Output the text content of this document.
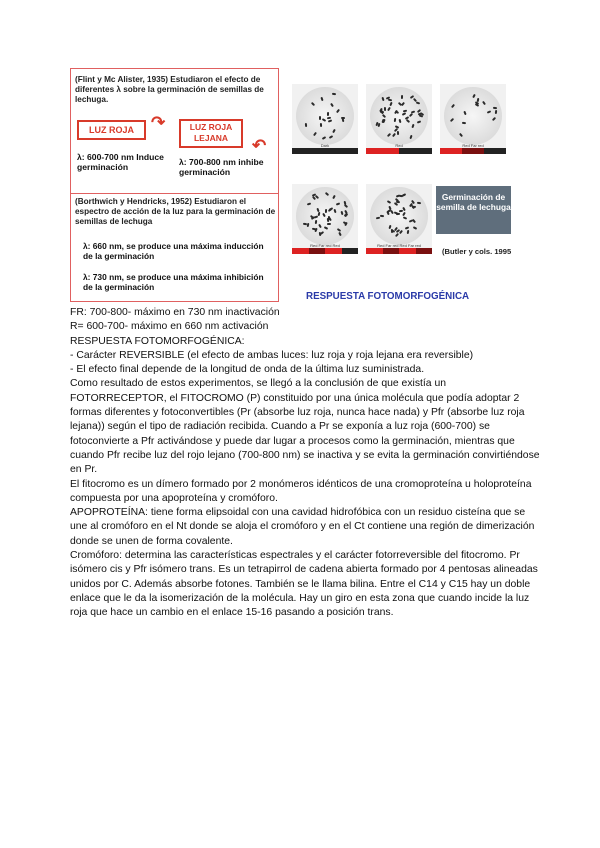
(Flint y Mc Alister, 1935) Estudiaron el efecto de diferentes λ sobre la germinación de semillas de lechuga.
LUZ ROJA	↷	LUZ ROJA LEJANA	↶
λ: 600-700 nm Induce germinación	λ: 700-800 nm inhibe germinación
(Borthwich y Hendricks, 1952) Estudiaron el espectro de acción de la luz para la germinación de semillas de lechuga
λ: 660 nm, se produce una máxima inducción de la germinación
λ: 730 nm, se produce una máxima inhibición de la germinación
Dark	Red	Red Far red
Red Far red Red	Red Far red Red Far red
Germinación de semilla de lechuga
(Butler y cols. 1995
RESPUESTA FOTOMORFOGÉNICA

FR: 700-800- máximo en 730 nm inactivación

R= 600-700- máximo en 660 nm activación

RESPUESTA FOTOMORFOGÉNICA:

- Carácter REVERSIBLE (el efecto de ambas luces: luz roja y roja lejana era reversible)

- El efecto final depende de la longitud de onda de la última luz suministrada.

Como resultado de estos experimentos, se llegó a la conclusión de que existía un FOTORRECEPTOR, el FITOCROMO (P) constituido por una única molécula que podía adoptar 2 formas diferentes y fotoconvertibles (Pr (absorbe luz roja, nunca hace nada) y Pfr (absorbe luz roja lejana)) según el tipo de radiación recibida. Cuando a Pr se exponía a luz roja (600-700) se fotoconvierte a Pfr activándose y puede dar lugar a procesos como la germinación, mientras que cuando Pfr recibe luz del rojo lejano (700-800 nm) se inactiva y se evita la germinación convirtiéndose en Pr.

El fitocromo es un dímero formado por 2 monómeros idénticos de una cromoproteína u holoproteína compuesta por una apoproteína y cromóforo.

APOPROTEÍNA: tiene forma elipsoidal con una cavidad hidrofóbica con un residuo cisteína que se une al cromóforo en el Nt donde se aloja el cromóforo y en el Ct contiene una región de dimerización donde se unen de forma covalente.

Cromóforo: determina las características espectrales y el carácter fotorreversible del fitocromo. Pr isómero cis y Pfr isómero trans. Es un tetrapirrol de cadena abierta formado por 4 pentosas alineadas unidos por C. Además absorbe fotones. También se le llama bilina. Entre el C14 y C15 hay un doble enlace que le da la isomerización de la molécula. Hay un giro en esta zona que cuando incide la luz roja que hace un cambio en el enlace 15-16 pasando a posición trans.
